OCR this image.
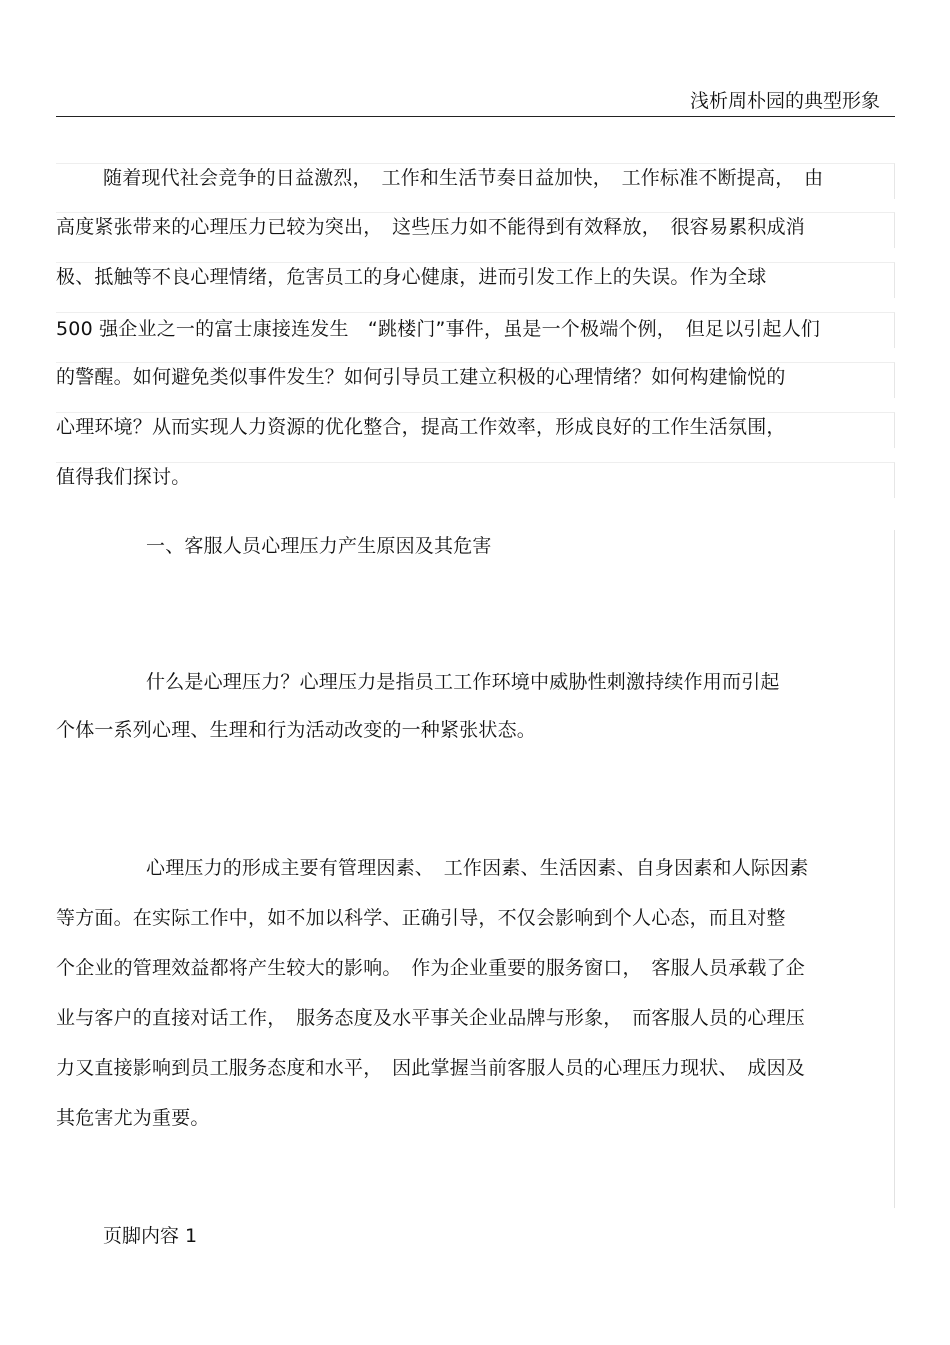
浅析周朴园的典型形象
随着现代社会竞争的日益激烈，　工作和生活节奏日益加快，　工作标准不断提高，　由
高度紧张带来的心理压力已较为突出，　这些压力如不能得到有效释放，　很容易累积成消
极、抵触等不良心理情绪，危害员工的身心健康，进而引发工作上的失误。作为全球
500 强企业之一的富士康接连发生　“跳楼门”事件，虽是一个极端个例，　但足以引起人们
的警醒。如何避免类似事件发生？如何引导员工建立积极的心理情绪？如何构建愉悦的
心理环境？从而实现人力资源的优化整合，提高工作效率，形成良好的工作生活氛围，
值得我们探讨。
一、客服人员心理压力产生原因及其危害
什么是心理压力？心理压力是指员工工作环境中威胁性刺激持续作用而引起
个体一系列心理、生理和行为活动改变的一种紧张状态。
心理压力的形成主要有管理因素、　工作因素、生活因素、自身因素和人际因素
等方面。在实际工作中，如不加以科学、正确引导，不仅会影响到个人心态，而且对整
个企业的管理效益都将产生较大的影响。　作为企业重要的服务窗口，　客服人员承载了企
业与客户的直接对话工作，　服务态度及水平事关企业品牌与形象，　而客服人员的心理压
力又直接影响到员工服务态度和水平，　因此掌握当前客服人员的心理压力现状、　成因及
其危害尤为重要。
页脚内容 1
